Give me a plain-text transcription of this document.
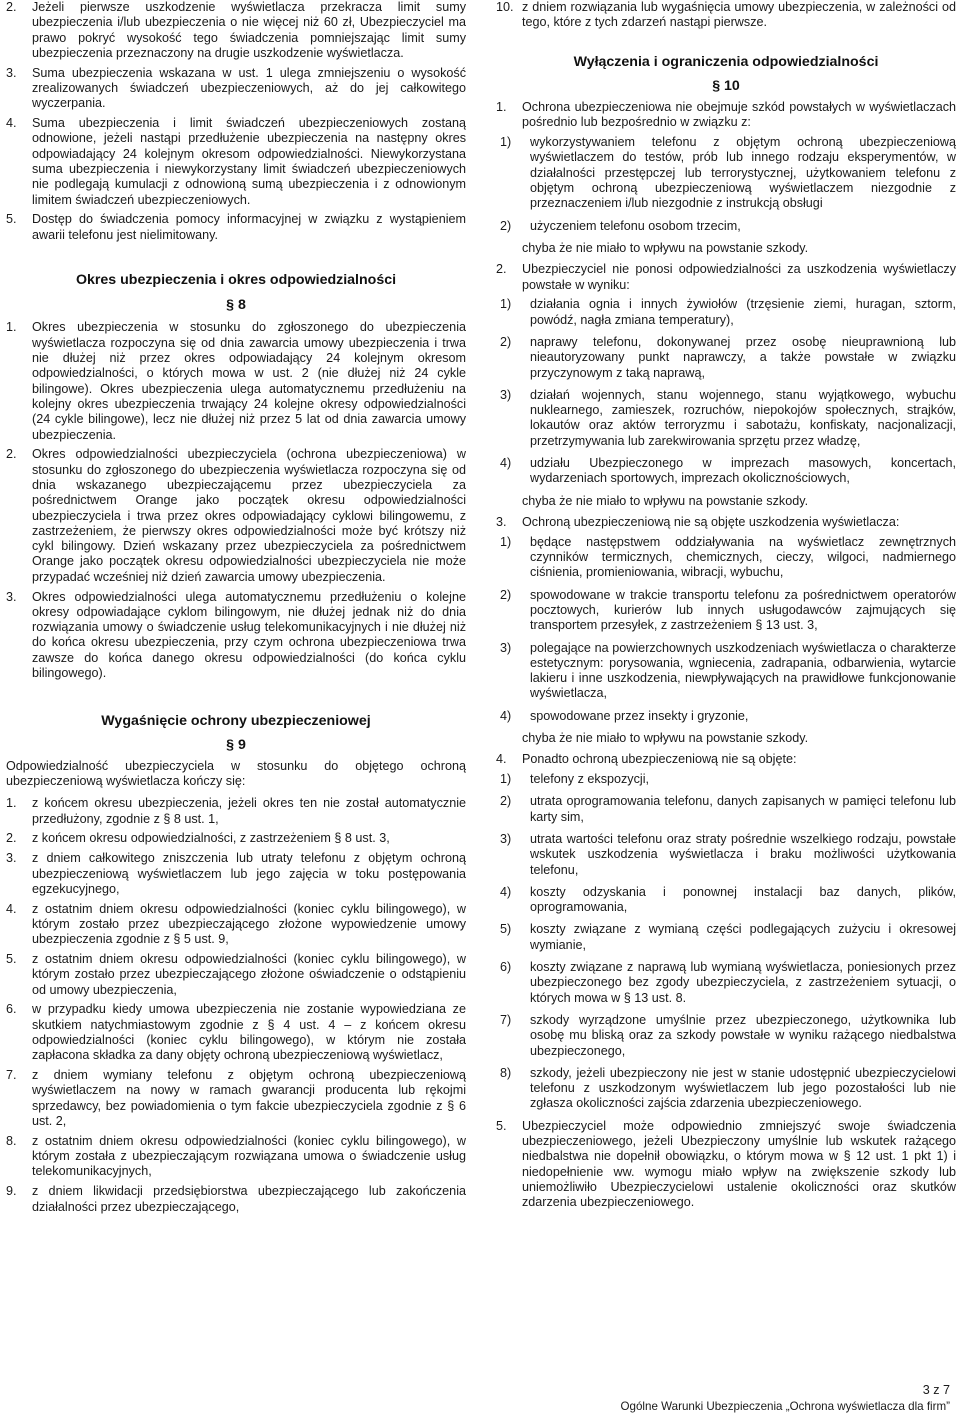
2. Jeżeli pierwsze uszkodzenie wyświetlacza przekracza limit sumy ubezpieczenia i/lub ubezpieczenia o nie więcej niż 60 zł, Ubezpieczyciel ma prawo pokryć wysokość tego świadczenia pomniejszając limit sumy ubezpieczenia przeznaczony na drugie uszkodzenie wyświetlacza.
3. Suma ubezpieczenia wskazana w ust. 1 ulega zmniejszeniu o wysokość zrealizowanych świadczeń ubezpieczeniowych, aż do jej całkowitego wyczerpania.
4. Suma ubezpieczenia i limit świadczeń ubezpieczeniowych zostaną odnowione, jeżeli nastąpi przedłużenie ubezpieczenia na następny okres odpowiadający 24 kolejnym okresom odpowiedzialności. Niewykorzystana suma ubezpieczenia i niewykorzystany limit świadczeń ubezpieczeniowych nie podlegają kumulacji z odnowioną sumą ubezpieczenia i z odnowionym limitem świadczeń ubezpieczeniowych.
5. Dostęp do świadczenia pomocy informacyjnej w związku z wystąpieniem awarii telefonu jest nielimitowany.

Okres ubezpieczenia i okres odpowiedzialności

§ 8

1. Okres ubezpieczenia w stosunku do zgłoszonego do ubezpieczenia wyświetlacza rozpoczyna się od dnia zawarcia umowy ubezpieczenia i trwa nie dłużej niż przez okres odpowiadający 24 kolejnym okresom odpowiedzialności, o których mowa w ust. 2 (nie dłużej niż 24 cykle bilingowe). Okres ubezpieczenia ulega automatycznemu przedłużeniu na kolejny okres ubezpieczenia trwający 24 kolejne okresy odpowiedzialności (24 cykle bilingowe), lecz nie dłużej niż przez 5 lat od dnia zawarcia umowy ubezpieczenia.
2. Okres odpowiedzialności ubezpieczyciela (ochrona ubezpieczeniowa) w stosunku do zgłoszonego do ubezpieczenia wyświetlacza rozpoczyna się od dnia wskazanego ubezpieczającemu przez ubezpieczyciela za pośrednictwem Orange jako początek okresu odpowiedzialności ubezpieczyciela i trwa przez okres odpowiadający cyklowi bilingowemu, z zastrzeżeniem, że pierwszy okres odpowiedzialności może być krótszy niż cykl bilingowy. Dzień wskazany przez ubezpieczyciela za pośrednictwem Orange jako początek okresu odpowiedzialności ubezpieczyciela nie może przypadać wcześniej niż dzień zawarcia umowy ubezpieczenia.
3. Okres odpowiedzialności ulega automatycznemu przedłużeniu o kolejne okresy odpowiadające cyklom bilingowym, nie dłużej jednak niż do dnia rozwiązania umowy o świadczenie usług telekomunikacyjnych i nie dłużej niż do końca okresu ubezpieczenia, przy czym ochrona ubezpieczeniowa trwa zawsze do końca danego okresu odpowiedzialności (do końca cyklu bilingowego).

Wygaśnięcie ochrony ubezpieczeniowej

§ 9

Odpowiedzialność ubezpieczyciela w stosunku do objętego ochroną ubezpieczeniową wyświetlacza kończy się:

1. z końcem okresu ubezpieczenia, jeżeli okres ten nie został automatycznie przedłużony, zgodnie z § 8 ust. 1,
2. z końcem okresu odpowiedzialności, z zastrzeżeniem § 8 ust. 3,
3. z dniem całkowitego zniszczenia lub utraty telefonu z objętym ochroną ubezpieczeniową wyświetlaczem lub jego zajęcia w toku postępowania egzekucyjnego,
4. z ostatnim dniem okresu odpowiedzialności (koniec cyklu bilingowego), w którym zostało przez ubezpieczającego złożone wypowiedzenie umowy ubezpieczenia zgodnie z § 5 ust. 9,
5. z ostatnim dniem okresu odpowiedzialności (koniec cyklu bilingowego), w którym zostało przez ubezpieczającego złożone oświadczenie o odstąpieniu od umowy ubezpieczenia,
6. w przypadku kiedy umowa ubezpieczenia nie zostanie wypowiedziana ze skutkiem natychmiastowym zgodnie z § 4 ust. 4 – z końcem okresu odpowiedzialności (koniec cyklu bilingowego), w którym nie została zapłacona składka za dany objęty ochroną ubezpieczeniową wyświetlacz,
7. z dniem wymiany telefonu z objętym ochroną ubezpieczeniową wyświetlaczem na nowy w ramach gwarancji producenta lub rękojmi sprzedawcy, bez powiadomienia o tym fakcie ubezpieczyciela zgodnie z § 6 ust. 2,
8. z ostatnim dniem okresu odpowiedzialności (koniec cyklu bilingowego), w którym została z ubezpieczającym rozwiązana umowa o świadczenie usług telekomunikacyjnych,
9. z dniem likwidacji przedsiębiorstwa ubezpieczającego lub zakończenia działalności przez ubezpieczającego,
10. z dniem rozwiązania lub wygaśnięcia umowy ubezpieczenia, w zależności od tego, które z tych zdarzeń nastąpi pierwsze.

Wyłączenia i ograniczenia odpowiedzialności

§ 10

1. Ochrona ubezpieczeniowa nie obejmuje szkód powstałych w wyświetlaczach pośrednio lub bezpośrednio w związku z:
1) wykorzystywaniem telefonu z objętym ochroną ubezpieczeniową wyświetlaczem do testów, prób lub innego rodzaju eksperymentów, w działalności przestępczej lub terrorystycznej, użytkowaniem telefonu z objętym ochroną ubezpieczeniową wyświetlaczem niezgodnie z przeznaczeniem i/lub niezgodnie z instrukcją obsługi
2) użyczeniem telefonu osobom trzecim,

chyba że nie miało to wpływu na powstanie szkody.

2. Ubezpieczyciel nie ponosi odpowiedzialności za uszkodzenia wyświetlaczy powstałe w wyniku:
1) działania ognia i innych żywiołów (trzęsienie ziemi, huragan, sztorm, powódź, nagła zmiana temperatury),
2) naprawy telefonu, dokonywanej przez osobę nieuprawnioną lub nieautoryzowany punkt naprawczy, a także powstałe w związku przyczynowym z taką naprawą,
3) działań wojennych, stanu wojennego, stanu wyjątkowego, wybuchu nuklearnego, zamieszek, rozruchów, niepokojów społecznych, strajków, lokautów oraz aktów terroryzmu i sabotażu, konfiskaty, nacjonalizacji, przetrzymywania lub zarekwirowania sprzętu przez władzę,
4) udziału Ubezpieczonego w imprezach masowych, koncertach, wydarzeniach sportowych, imprezach okolicznościowych,

chyba że nie miało to wpływu na powstanie szkody.

3. Ochroną ubezpieczeniową nie są objęte uszkodzenia wyświetlacza:
1) będące następstwem oddziaływania na wyświetlacz zewnętrznych czynników termicznych, chemicznych, cieczy, wilgoci, nadmiernego ciśnienia, promieniowania, wibracji, wybuchu,
2) spowodowane w trakcie transportu telefonu za pośrednictwem operatorów pocztowych, kurierów lub innych usługodawców zajmujących się transportem przesyłek, z zastrzeżeniem § 13 ust. 3,
3) polegające na powierzchownych uszkodzeniach wyświetlacza o charakterze estetycznym: porysowania, wgniecenia, zadrapania, odbarwienia, wytarcie lakieru i inne uszkodzenia, niewpływających na prawidłowe funkcjonowanie wyświetlacza,
4) spowodowane przez insekty i gryzonie,

chyba że nie miało to wpływu na powstanie szkody.

4. Ponadto ochroną ubezpieczeniową nie są objęte:
1) telefony z ekspozycji,
2) utrata oprogramowania telefonu, danych zapisanych w pamięci telefonu lub karty sim,
3) utrata wartości telefonu oraz straty pośrednie wszelkiego rodzaju, powstałe wskutek uszkodzenia wyświetlacza i braku możliwości użytkowania telefonu,
4) koszty odzyskania i ponownej instalacji baz danych, plików, oprogramowania,
5) koszty związane z wymianą części podlegających zużyciu i okresowej wymianie,
6) koszty związane z naprawą lub wymianą wyświetlacza, poniesionych przez ubezpieczonego bez zgody ubezpieczyciela, z zastrzeżeniem sytuacji, o których mowa w § 13 ust. 8.
7) szkody wyrządzone umyślnie przez ubezpieczonego, użytkownika lub osobę mu bliską oraz za szkody powstałe w wyniku rażącego niedbalstwa ubezpieczonego,
8) szkody, jeżeli ubezpieczony nie jest w stanie udostępnić ubezpieczycielowi telefonu z uszkodzonym wyświetlaczem lub jego pozostałości lub nie zgłasza okoliczności zajścia zdarzenia ubezpieczeniowego.
5. Ubezpieczyciel może odpowiednio zmniejszyć swoje świadczenia ubezpieczeniowego, jeżeli Ubezpieczony umyślnie lub wskutek rażącego niedbalstwa nie dopełnił obowiązku, o którym mowa w § 12 ust. 1 pkt 1) i niedopełnienie ww. wymogu miało wpływ na zwiększenie szkody lub uniemożliwiło Ubezpieczycielowi ustalenie okoliczności oraz skutków zdarzenia ubezpieczeniowego.
3 z 7
Ogólne Warunki Ubezpieczenia „Ochrona wyświetlacza dla firm”
